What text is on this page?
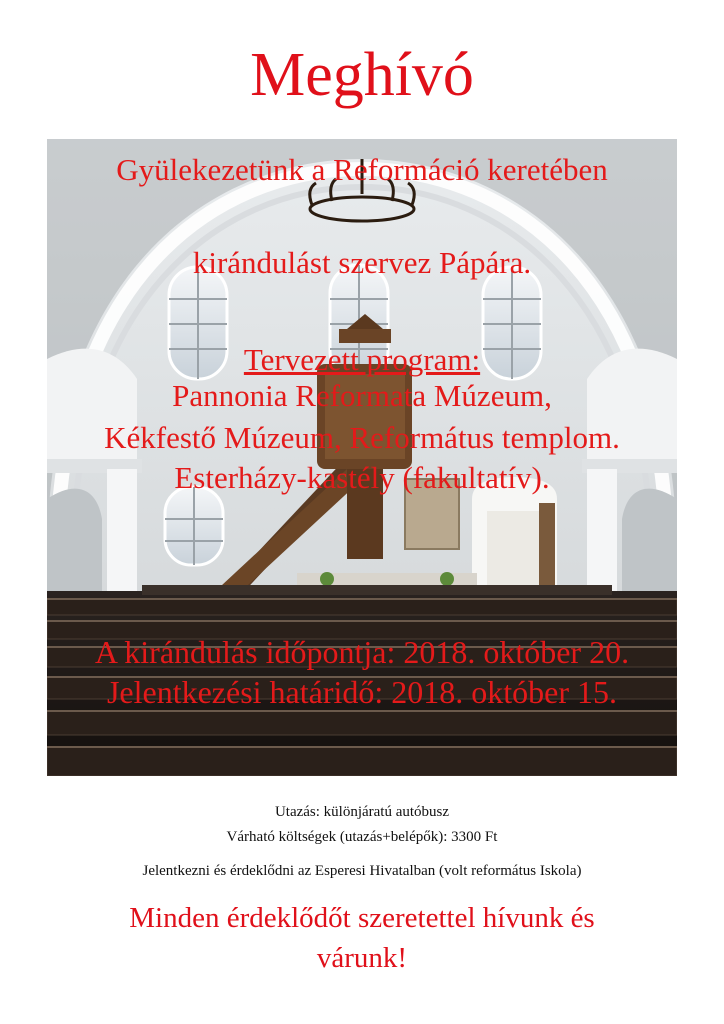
Meghívó
Gyülekezetünk a Reformáció keretében
kirándulást szervez Pápára.
Tervezett program:
Pannonia Reformata Múzeum,
Kékfestő Múzeum, Református templom.
Esterházy-kastély (fakultatív).
A kirándulás időpontja: 2018. október 20.
Jelentkezési határidő: 2018. október 15.
Utazás: különjáratú autóbusz
Várható költségek (utazás+belépők): 3300 Ft
Jelentkezni és érdeklődni az Esperesi Hivatalban (volt református Iskola)
Minden érdeklődőt szeretettel hívunk és
várunk!
